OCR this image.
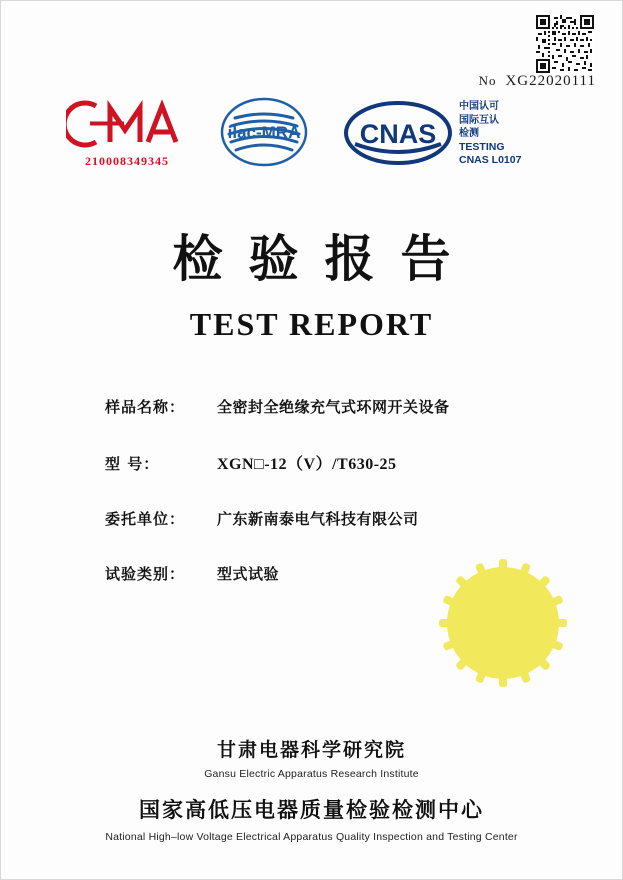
No XG22020111
210008349345
ilac-MRA CNAS
中国认可
国际互认
检测
TESTING
CNAS L0107
检验报告
TEST REPORT
样品名称：	全密封全绝缘充气式环网开关设备
型 号：	XGN□-12（V）/T630-25
委托单位：	广东新南泰电气科技有限公司
试验类别：	型式试验
甘肃电器科学研究院
Gansu Electric Apparatus Research Institute
国家高低压电器质量检验检测中心
National High–low Voltage Electrical Apparatus Quality Inspection and Testing Center
